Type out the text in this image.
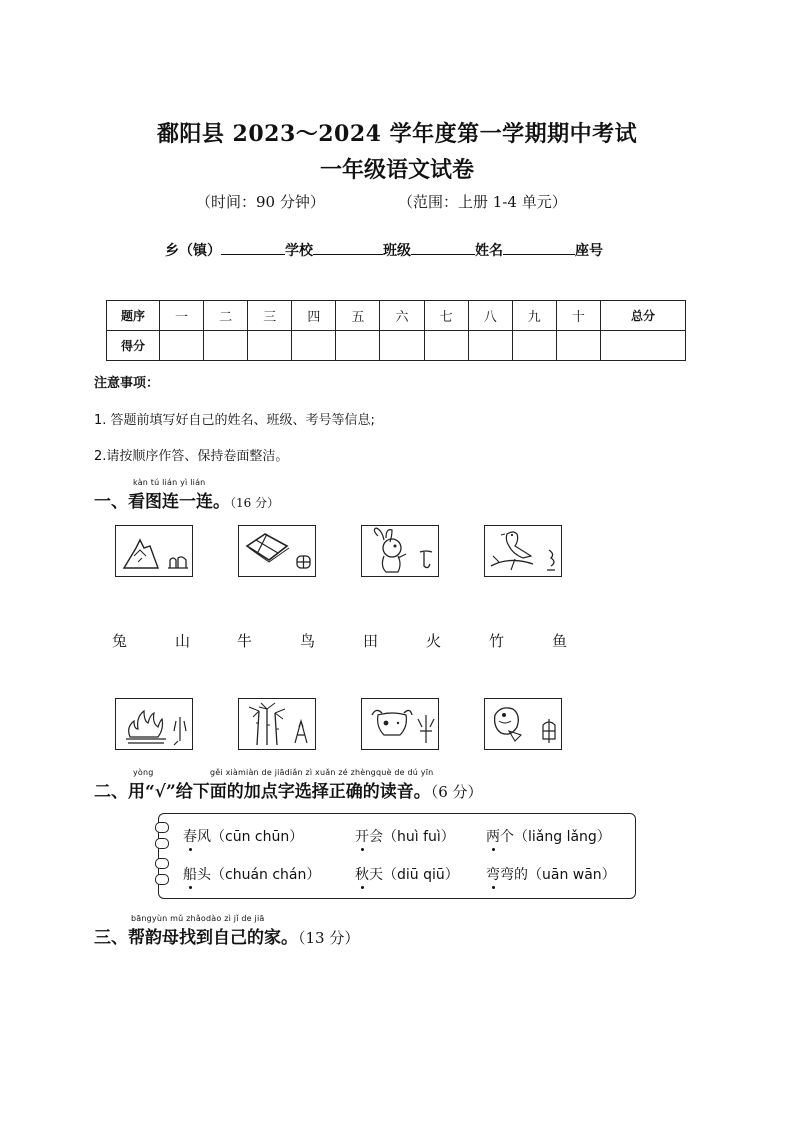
鄱阳县 2023～2024 学年度第一学期期中考试
一年级语文试卷
（时间：90 分钟）	（范围：上册 1-4 单元）
乡（镇）	学校	班级	姓名	座号
题序	一	二	三	四	五	六	七	八	九	十	总分
得分											
注意事项：
1. 答题前填写好自己的姓名、班级、考号等信息;
2.请按顺序作答、保持卷面整洁。
kàn tú lián yì lián
一、看图连一连。（16 分）
兔	山	牛	鸟	田	火	竹	鱼
yòng	gěi xiàmiàn de jiādiǎn zì xuǎn zé zhèngquè de dú yīn
二、用“√”给下面的加点字选择正确的读音。（6 分）
春风（cūn chūn）	开会（huì fuì） 两个（liǎng lǎng）
船头（chuán chán） 秋天（diū qiū） 弯弯的（uān wān）
bāngyùn mǔ zhǎodào zì jǐ de jiā
三、帮韵母找到自己的家。（13 分）
